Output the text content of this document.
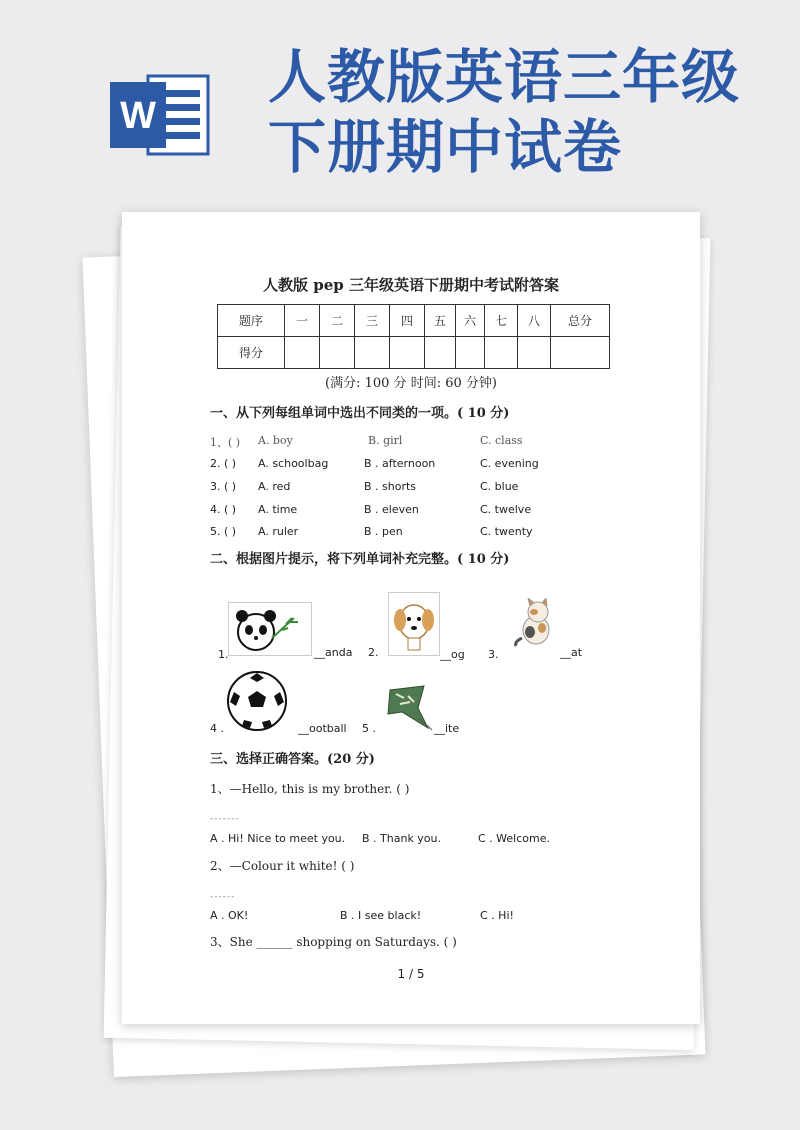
W
人教版英语三年级
下册期中试卷
人教版 pep 三年级英语下册期中考试附答案
题序	一	二	三	四	五	六	七	八	总分
得分									
(满分: 100 分 时间: 60 分钟)
一、从下列每组单词中选出不同类的一项。( 10 分)
1、( ) A. boy	B. girl	C. class
2. ( ) A. schoolbag	B . afternoon	C. evening
3. ( ) A. red	B . shorts	C. blue
4. ( ) A. time	B . eleven	C. twelve
5. ( ) A. ruler	B . pen	C. twenty
二、根据图片提示，将下列单词补充完整。( 10 分)
1.	__anda 2.	__og 3.	__at
4 .	__ootball 5 .	__ite
三、选择正确答案。(20 分)
1、—Hello, this is my brother. ( )
-------
A . Hi! Nice to meet you. B . Thank you.	C . Welcome.
2、—Colour it white! ( )
------
A . OK!	B . I see black!	C . Hi!
3、She ______ shopping on Saturdays. ( )
1 / 5
